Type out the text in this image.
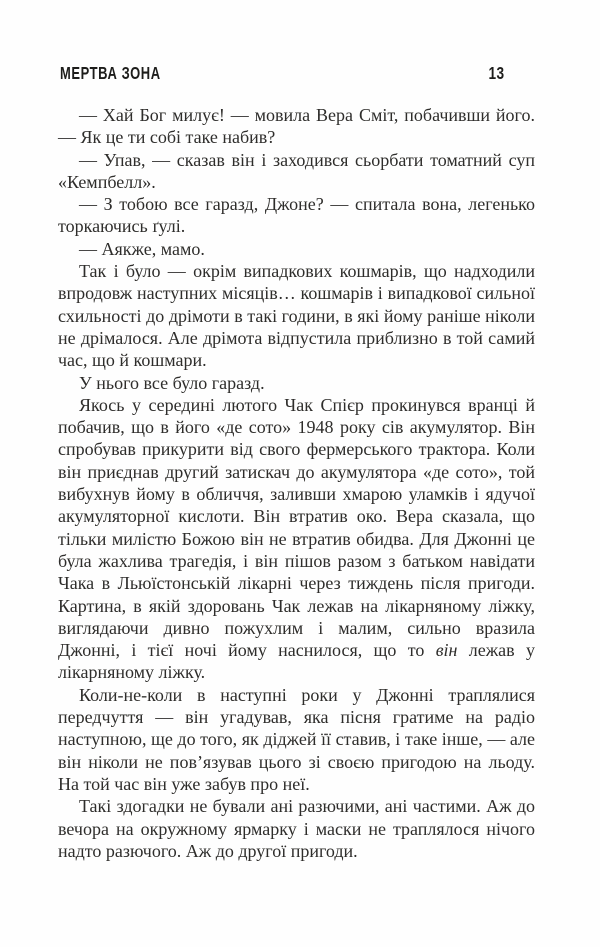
МЕРТВА ЗОНА	13

— Хай Бог милує! — мовила Вера Сміт, побачивши його. — Як це ти собі таке набив?

— Упав, — сказав він і заходився сьорбати томатний суп «Кемпбелл».

— З тобою все гаразд, Джоне? — спитала вона, легенько торкаючись ґулі.

— Аякже, мамо.

Так і було — окрім випадкових кошмарів, що надходили впродовж наступних місяців… кошмарів і випадкової сильної схильності до дрімоти в такі години, в які йому раніше ніколи не дрімалося. Але дрімота відпустила приблизно в той самий час, що й кошмари.

У нього все було гаразд.

Якось у середині лютого Чак Спієр прокинувся вранці й побачив, що в його «де сото» 1948 року сів акумулятор. Він спробував прикурити від свого фермерського трактора. Коли він приєднав другий затискач до акумулятора «де сото», той вибухнув йому в обличчя, заливши хмарою уламків і ядучої акумуляторної кислоти. Він втратив око. Вера сказала, що тільки милістю Божою він не втратив обидва. Для Джонні це була жахлива трагедія, і він пішов разом з батьком навідати Чака в Льюїстонській лікарні через тиждень після пригоди. Картина, в якій здоровань Чак лежав на лікарняному ліжку, виглядаючи дивно пожухлим і малим, сильно вразила Джонні, і тієї ночі йому наснилося, що то він лежав у лікарняному ліжку.

Коли-не-коли в наступні роки у Джонні траплялися передчуття — він угадував, яка пісня гратиме на радіо наступною, ще до того, як діджей її ставив, і таке інше, — але він ніколи не пов’язував цього зі своєю пригодою на льоду. На той час він уже забув про неї.

Такі здогадки не бували ані разючими, ані частими. Аж до вечора на окружному ярмарку і маски не траплялося нічого надто разючого. Аж до другої пригоди.
